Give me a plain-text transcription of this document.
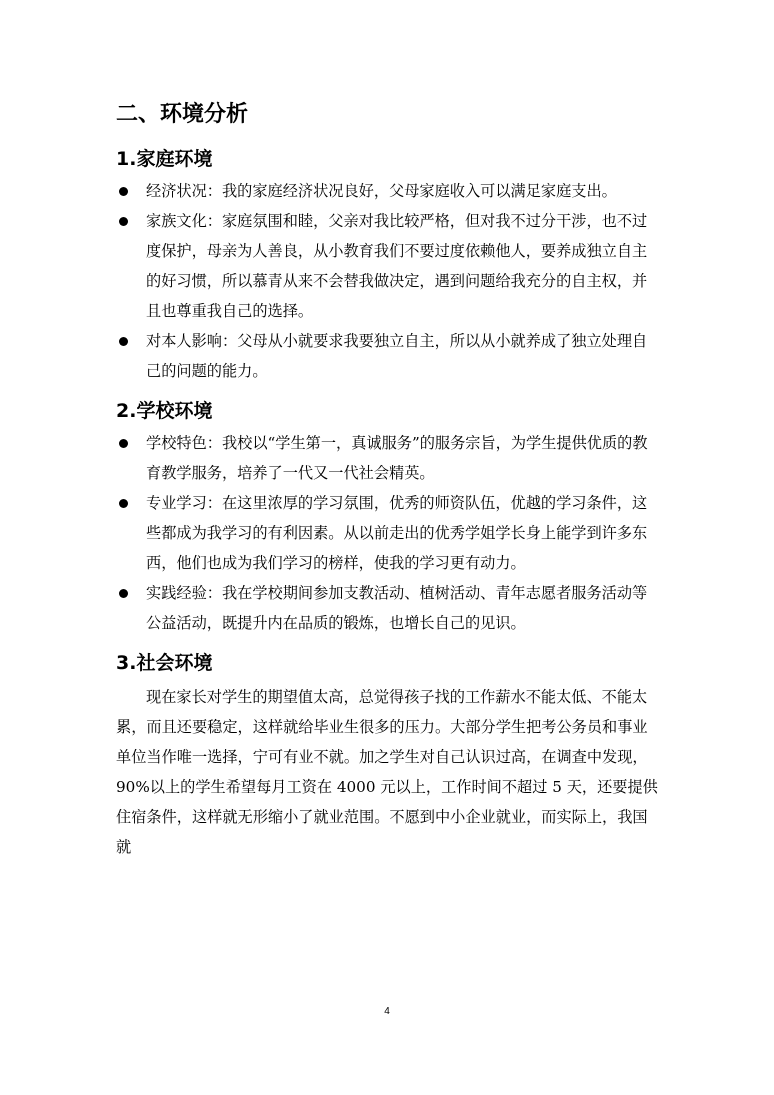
二、环境分析
1.家庭环境
经济状况：我的家庭经济状况良好，父母家庭收入可以满足家庭支出。
家族文化：家庭氛围和睦，父亲对我比较严格，但对我不过分干涉，也不过度保护，母亲为人善良，从小教育我们不要过度依赖他人，要养成独立自主的好习惯，所以慕青从来不会替我做决定，遇到问题给我充分的自主权，并且也尊重我自己的选择。
对本人影响：父母从小就要求我要独立自主，所以从小就养成了独立处理自己的问题的能力。
2.学校环境
学校特色：我校以“学生第一，真诚服务”的服务宗旨，为学生提供优质的教育教学服务，培养了一代又一代社会精英。
专业学习：在这里浓厚的学习氛围，优秀的师资队伍，优越的学习条件，这些都成为我学习的有利因素。从以前走出的优秀学姐学长身上能学到许多东西，他们也成为我们学习的榜样，使我的学习更有动力。
实践经验：我在学校期间参加支教活动、植树活动、青年志愿者服务活动等公益活动，既提升内在品质的锻炼，也增长自己的见识。
3.社会环境

现在家长对学生的期望值太高，总觉得孩子找的工作薪水不能太低、不能太累，而且还要稳定，这样就给毕业生很多的压力。大部分学生把考公务员和事业单位当作唯一选择，宁可有业不就。加之学生对自己认识过高，在调查中发现，90%以上的学生希望每月工资在 4000 元以上，工作时间不超过 5 天，还要提供住宿条件，这样就无形缩小了就业范围。不愿到中小企业就业，而实际上，我国就

4
